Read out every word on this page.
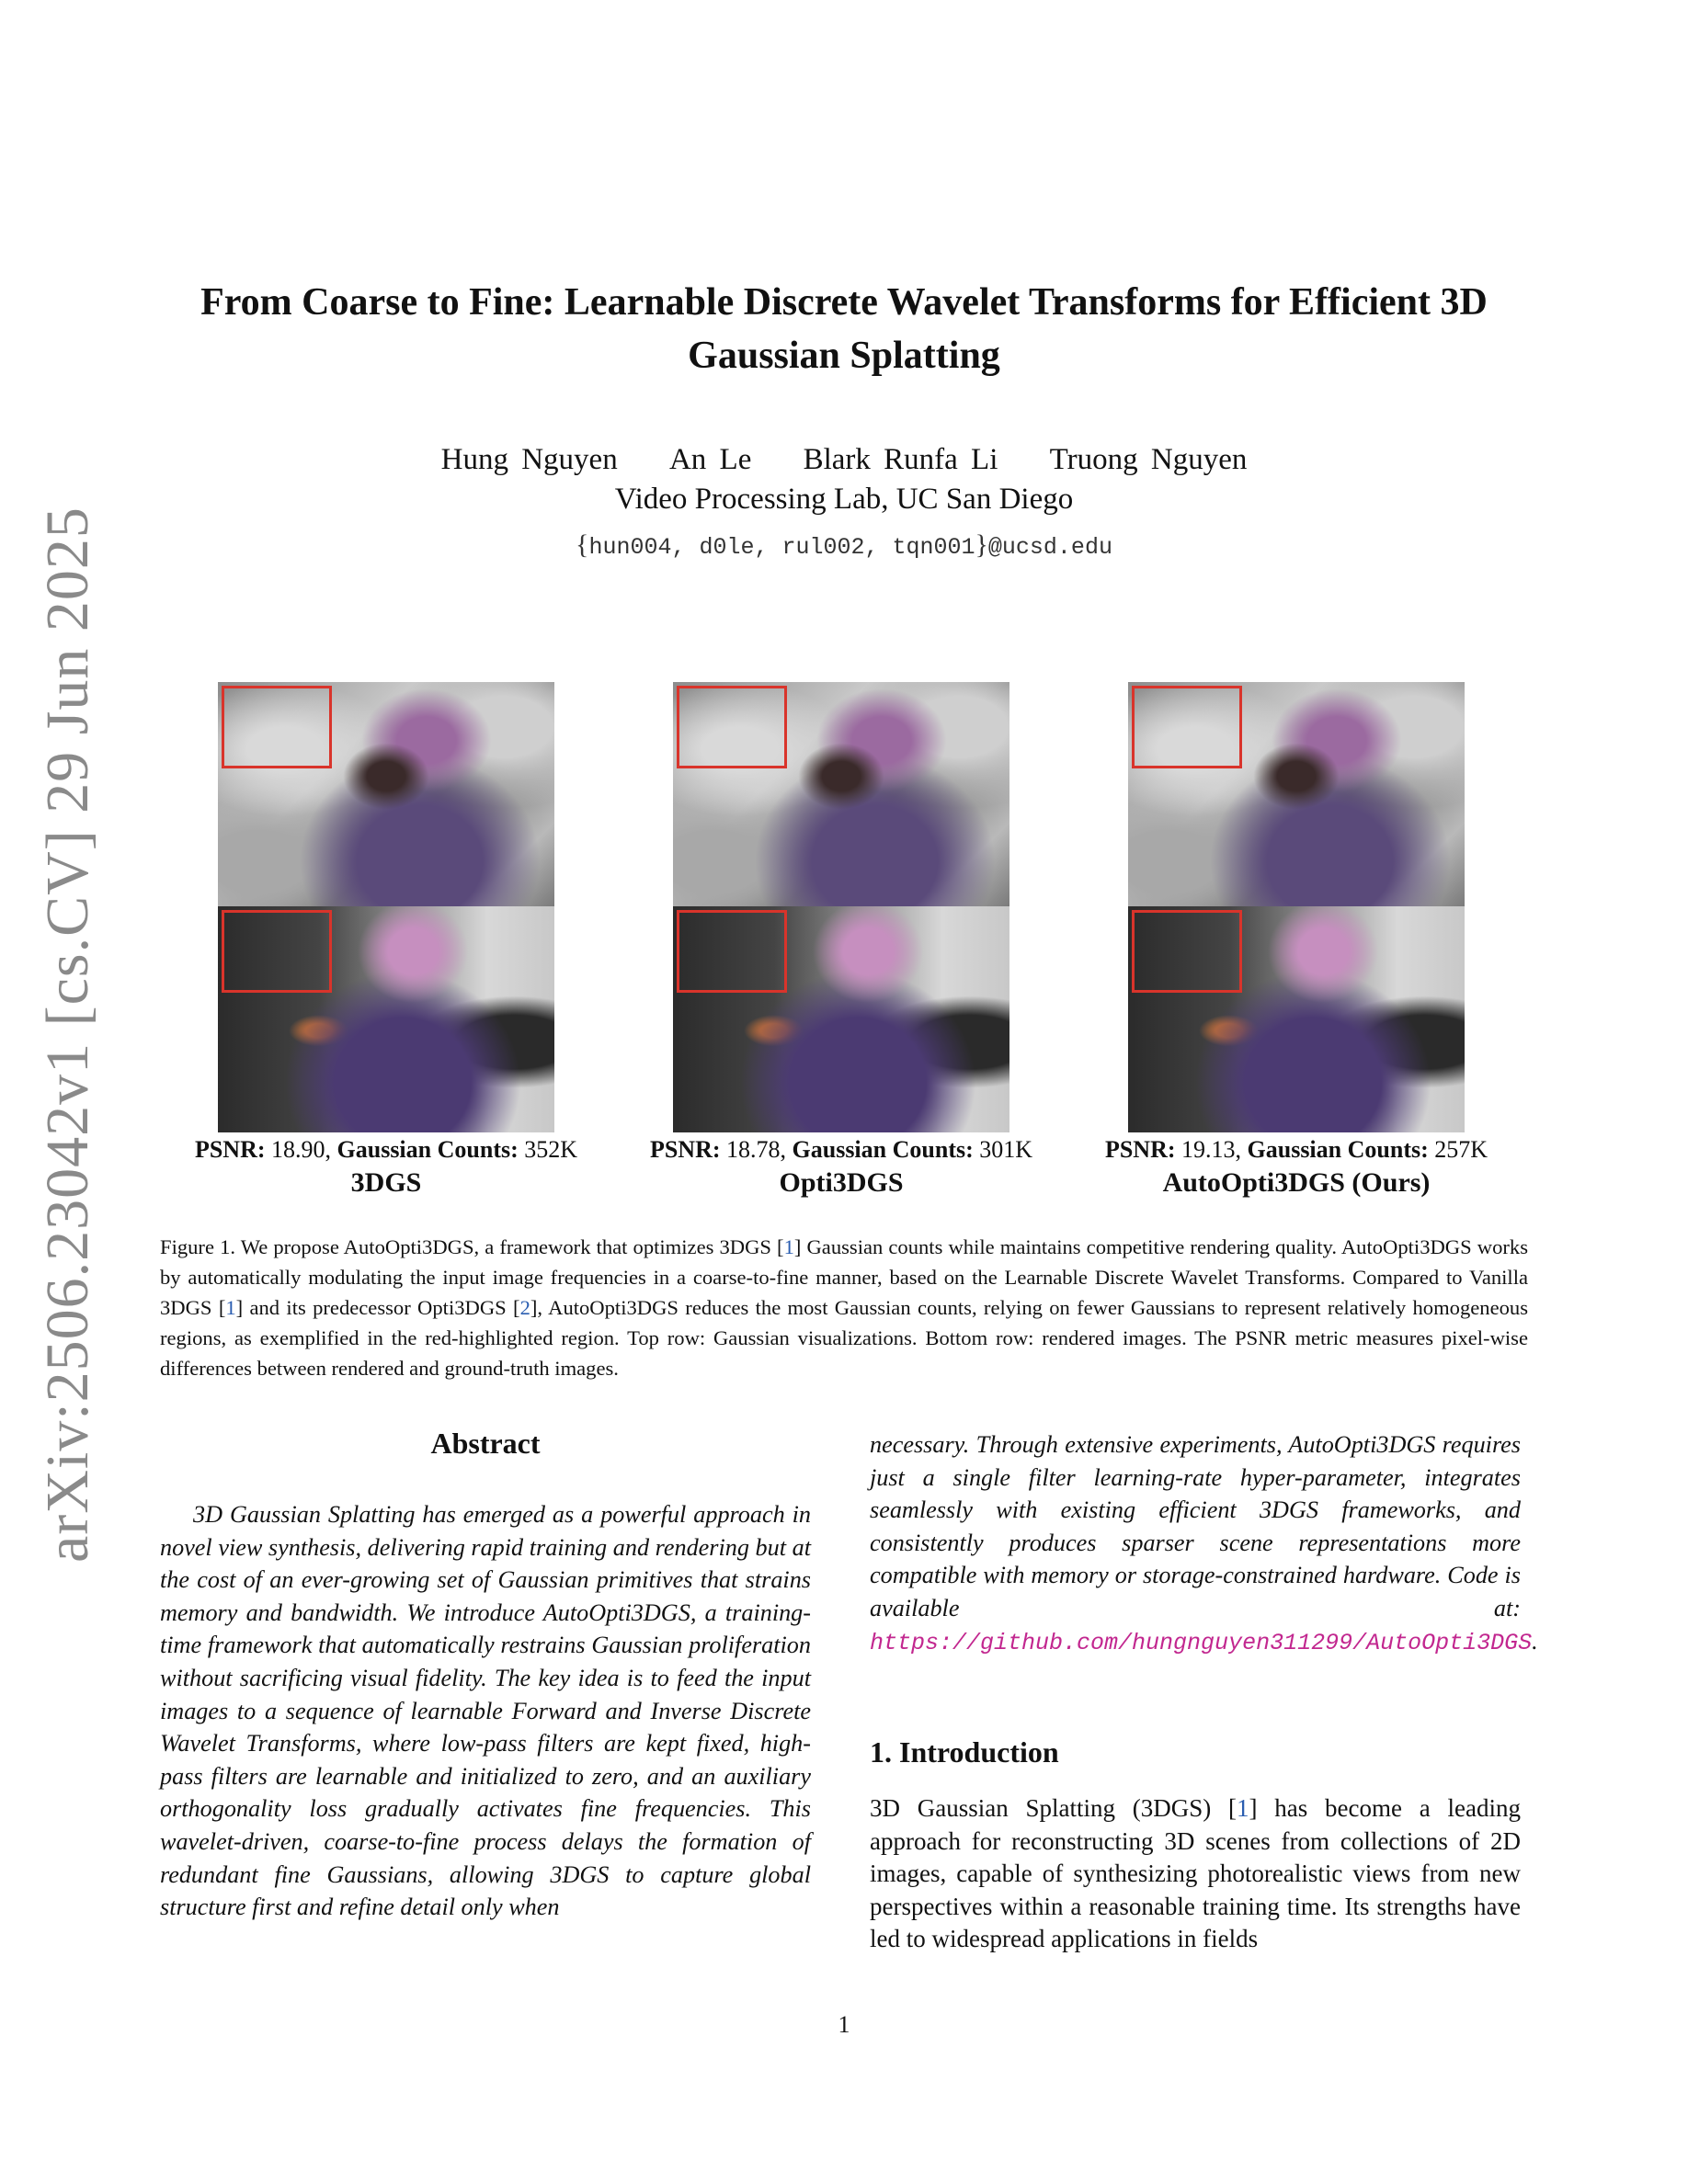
arXiv:2506.23042v1 [cs.CV] 29 Jun 2025
From Coarse to Fine: Learnable Discrete Wavelet Transforms for Efficient 3D Gaussian Splatting
Hung Nguyen An Le Blark Runfa Li Truong Nguyen
Video Processing Lab, UC San Diego
{hun004, d0le, rul002, tqn001}@ucsd.edu
PSNR: 18.90, Gaussian Counts: 352K
3DGS
PSNR: 18.78, Gaussian Counts: 301K
Opti3DGS
PSNR: 19.13, Gaussian Counts: 257K
AutoOpti3DGS (Ours)
Figure 1. We propose AutoOpti3DGS, a framework that optimizes 3DGS [1] Gaussian counts while maintains competitive rendering quality. AutoOpti3DGS works by automatically modulating the input image frequencies in a coarse-to-fine manner, based on the Learnable Discrete Wavelet Transforms. Compared to Vanilla 3DGS [1] and its predecessor Opti3DGS [2], AutoOpti3DGS reduces the most Gaussian counts, relying on fewer Gaussians to represent relatively homogeneous regions, as exemplified in the red-highlighted region. Top row: Gaussian visualizations. Bottom row: rendered images. The PSNR metric measures pixel-wise differences between rendered and ground-truth images.
Abstract
3D Gaussian Splatting has emerged as a powerful approach in novel view synthesis, delivering rapid training and rendering but at the cost of an ever-growing set of Gaussian primitives that strains memory and bandwidth. We introduce AutoOpti3DGS, a training-time framework that automatically restrains Gaussian proliferation without sacrificing visual fidelity. The key idea is to feed the input images to a sequence of learnable Forward and Inverse Discrete Wavelet Transforms, where low-pass filters are kept fixed, high-pass filters are learnable and initialized to zero, and an auxiliary orthogonality loss gradually activates fine frequencies. This wavelet-driven, coarse-to-fine process delays the formation of redundant fine Gaussians, allowing 3DGS to capture global structure first and refine detail only when
necessary. Through extensive experiments, AutoOpti3DGS requires just a single filter learning-rate hyper-parameter, integrates seamlessly with existing efficient 3DGS frameworks, and consistently produces sparser scene representations more compatible with memory or storage-constrained hardware. Code is available at: https://github.com/hungnguyen311299/AutoOpti3DGS.
1. Introduction
3D Gaussian Splatting (3DGS) [1] has become a leading approach for reconstructing 3D scenes from collections of 2D images, capable of synthesizing photorealistic views from new perspectives within a reasonable training time. Its strengths have led to widespread applications in fields
1
